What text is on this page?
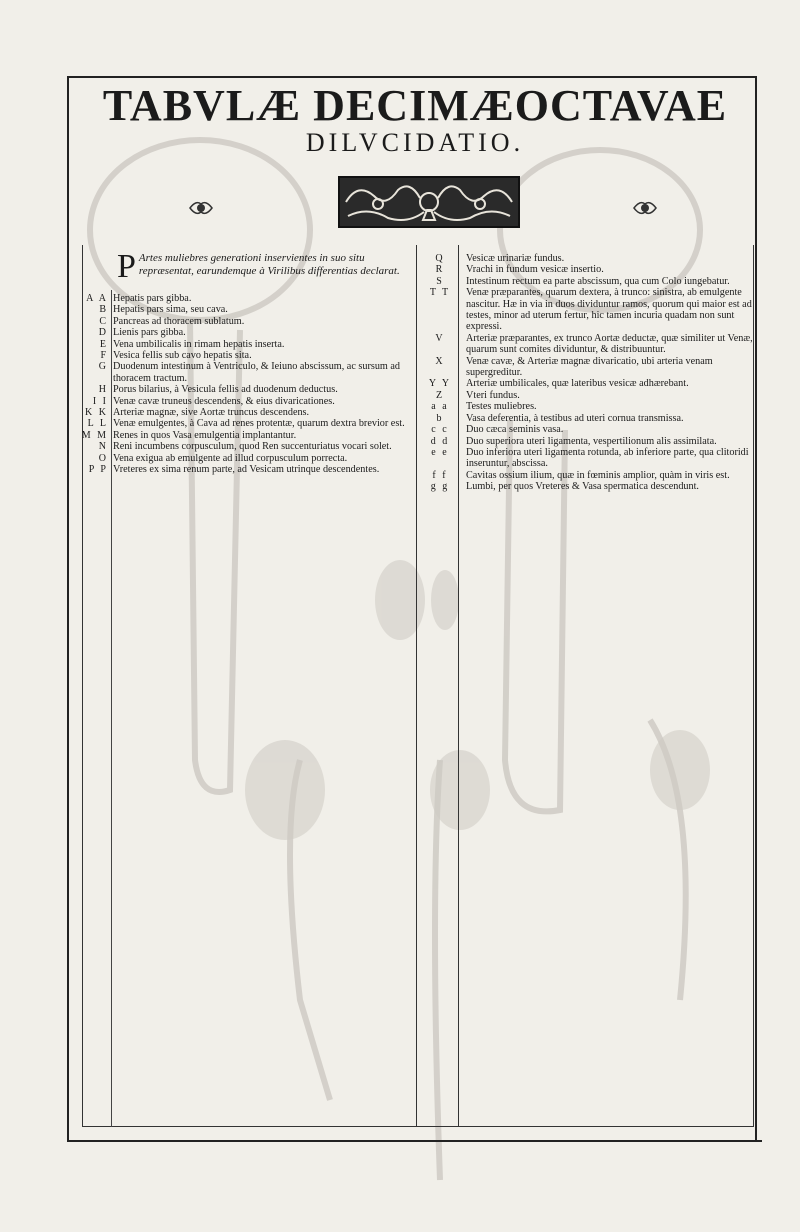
TABVLÆ DECIMÆOCTAVAE
DILVCIDATIO.
P Artes muliebres generationi inservientes in suo situ repræsentat, earundemque à Virilibus differentias declarat.
A A Hepatis pars gibba.
B Hepatis pars sima, seu cava.
C Pancreas ad thoracem sublatum.
D Lienis pars gibba.
E Vena umbilicalis in rimam hepatis inserta.
F Vesica fellis sub cavo hepatis sita.
G Duodenum intestinum à Ventriculo, & Ieiuno abscissum, ac sursum ad thoracem tractum.
H Porus bilarius, à Vesicula fellis ad duodenum deductus.
I I Venæ cavæ truneus descendens, & eius divaricationes.
K K Arteriæ magnæ, sive Aortæ truncus descendens.
L L Venæ emulgentes, à Cava ad renes protentæ, quarum dextra brevior est.
M M Renes in quos Vasa emulgentia implantantur.
N Reni incumbens corpusculum, quod Ren succenturiatus vocari solet.
O Vena exigua ab emulgente ad illud corpusculum porrecta.
P P Vreteres ex sima renum parte, ad Vesicam utrinque descendentes.
Q	Vesicæ urinariæ fundus.
R	Vrachi in fundum vesicæ insertio.
S	Intestinum rectum ea parte abscissum, qua cum Colo iungebatur.
T T	Venæ præparantes, quarum dextera, à trunco: sinistra, ab emulgente nascitur. Hæ in via in duos dividuntur ramos, quorum qui maior est ad testes, minor ad uterum fertur, hic tamen incuria quadam non sunt expressi.
V	Arteriæ præparantes, ex trunco Aortæ deductæ, quæ similiter ut Venæ, quarum sunt comites dividuntur, & distribuuntur.
X	Venæ cavæ, & Arteriæ magnæ divaricatio, ubi arteria venam supergreditur.
Y Y	Arteriæ umbilicales, quæ lateribus vesicæ adhærebant.
Z	Vteri fundus.
a a	Testes muliebres.
b	Vasa deferentia, à testibus ad uteri cornua transmissa.
c c	Duo cæca seminis vasa.
d d	Duo superiora uteri ligamenta, vespertilionum alis assimilata.
e e	Duo inferiora uteri ligamenta rotunda, ab inferiore parte, qua clitoridi inseruntur, abscissa.
f f	Cavitas ossium ilium, quæ in fœminis amplior, quàm in viris est.
g g	Lumbi, per quos Vreteres & Vasa spermatica descendunt.
